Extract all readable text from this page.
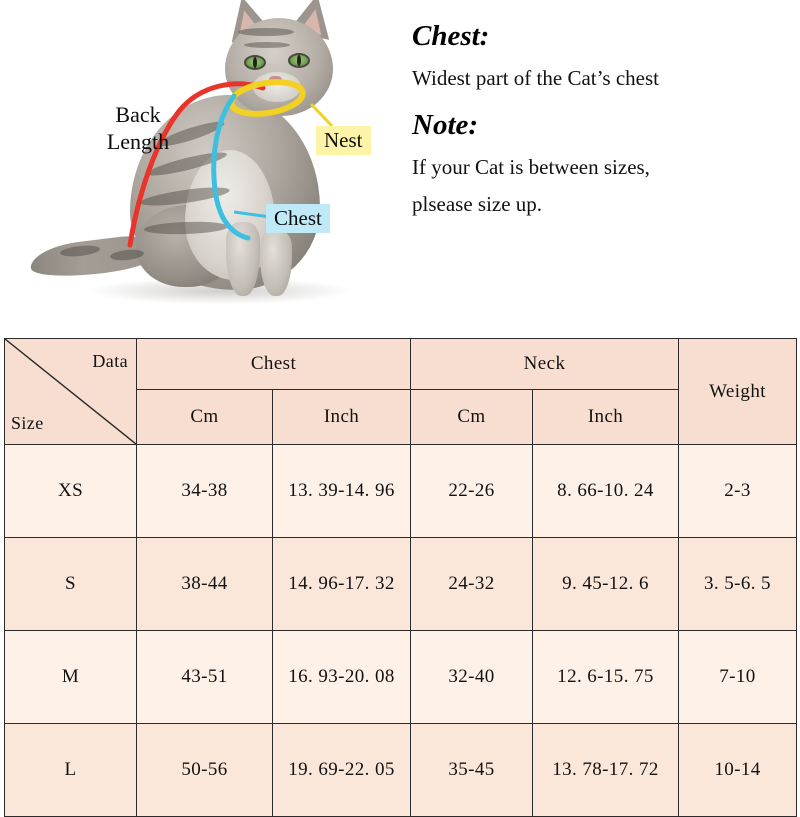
Back
Length	Nest
Chest
Chest:
Widest part of the Cat’s chest
Note:
If your Cat is between sizes,
plsease size up.
Data
Size	Chest		Neck		Weight
	Cm	Inch	Cm	Inch	
XS	34-38	13. 39-14. 96	22-26	8. 66-10. 24	2-3
S	38-44	14. 96-17. 32	24-32	9. 45-12. 6	3. 5-6. 5
M	43-51	16. 93-20. 08	32-40	12. 6-15. 75	7-10
L	50-56	19. 69-22. 05	35-45	13. 78-17. 72	10-14
